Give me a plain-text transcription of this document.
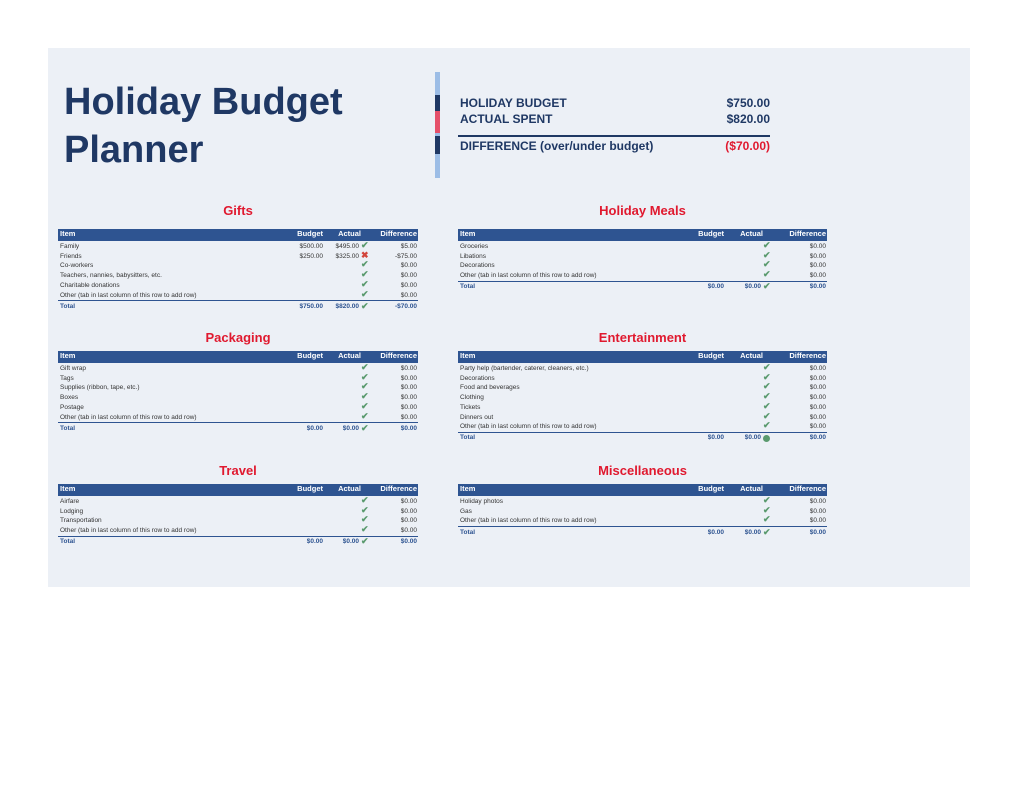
Holiday Budget
Planner
HOLIDAY BUDGET	$750.00
ACTUAL SPENT	$820.00
DIFFERENCE (over/under budget)	($70.00)
Item	Budget Actual	Difference
Family	$500.00 $495.00 ✔	$5.00
Friends	$250.00 $325.00 ✖	-$75.00
Co-workers	✔	$0.00
Teachers, nannies, babysitters, etc.	✔	$0.00
Charitable donations	✔	$0.00
Other (tab in last column of this row to add row)	✔	$0.00
Total	$750.00 $820.00 ✔	-$70.00
Item	Budget Actual	Difference
Groceries	✔	$0.00
Libations	✔	$0.00
Decorations	✔	$0.00
Other (tab in last column of this row to add row)	✔	$0.00
Total	$0.00	$0.00 ✔	$0.00
Item	Budget Actual	Difference
Gift wrap	✔	$0.00
Tags	✔	$0.00
Supplies (ribbon, tape, etc.)	✔	$0.00
Boxes	✔	$0.00
Postage	✔	$0.00
Other (tab in last column of this row to add row)	✔	$0.00
Total	$0.00	$0.00 ✔	$0.00
Item	Budget Actual	Difference
Party help (bartender, caterer, cleaners, etc.)	✔	$0.00
Decorations	✔	$0.00
Food and beverages	✔	$0.00
Clothing	✔	$0.00
Tickets	✔	$0.00
Dinners out	✔	$0.00
Other (tab in last column of this row to add row)	✔	$0.00
Total	$0.00	$0.00	$0.00
Item	Budget Actual	Difference
Airfare	✔	$0.00
Lodging	✔	$0.00
Transportation	✔	$0.00
Other (tab in last column of this row to add row)	✔	$0.00
Total	$0.00	$0.00 ✔	$0.00
Item	Budget Actual	Difference
Holiday photos	✔	$0.00
Gas	✔	$0.00
Other (tab in last column of this row to add row)	✔	$0.00
Total	$0.00	$0.00 ✔	$0.00
Gifts	Holiday Meals
Packaging	Entertainment
Travel	Miscellaneous
